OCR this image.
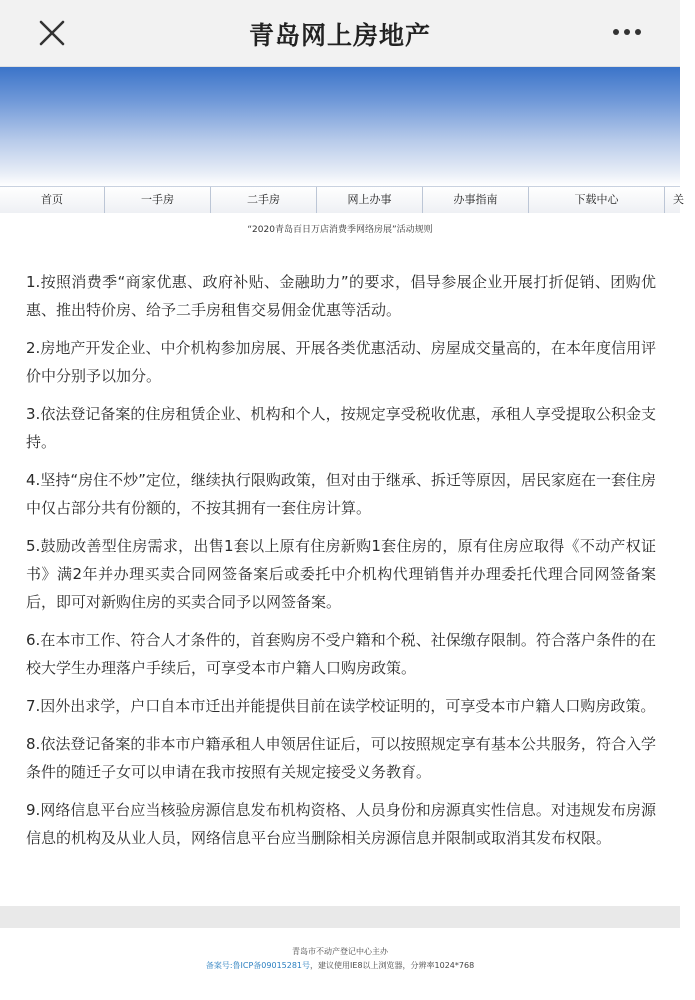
青岛网上房地产
首页	一手房	二手房	网上办事	办事指南	下载中心	关
“2020青岛百日万店消费季网络房展”活动规则

1.按照消费季“商家优惠、政府补贴、金融助力”的要求，倡导参展企业开展打折促销、团购优惠、推出特价房、给予二手房租售交易佣金优惠等活动。

2.房地产开发企业、中介机构参加房展、开展各类优惠活动、房屋成交量高的，在本年度信用评价中分别予以加分。

3.依法登记备案的住房租赁企业、机构和个人，按规定享受税收优惠，承租人享受提取公积金支持。

4.坚持“房住不炒”定位，继续执行限购政策，但对由于继承、拆迁等原因，居民家庭在一套住房中仅占部分共有份额的，不按其拥有一套住房计算。

5.鼓励改善型住房需求，出售1套以上原有住房新购1套住房的，原有住房应取得《不动产权证书》满2年并办理买卖合同网签备案后或委托中介机构代理销售并办理委托代理合同网签备案后，即可对新购住房的买卖合同予以网签备案。

6.在本市工作、符合人才条件的，首套购房不受户籍和个税、社保缴存限制。符合落户条件的在校大学生办理落户手续后，可享受本市户籍人口购房政策。

7.因外出求学，户口自本市迁出并能提供目前在读学校证明的，可享受本市户籍人口购房政策。

8.依法登记备案的非本市户籍承租人申领居住证后，可以按照规定享有基本公共服务，符合入学条件的随迁子女可以申请在我市按照有关规定接受义务教育。

9.网络信息平台应当核验房源信息发布机构资格、人员身份和房源真实性信息。对违规发布房源信息的机构及从业人员，网络信息平台应当删除相关房源信息并限制或取消其发布权限。

青岛市不动产登记中心主办
备案号:鲁ICP备09015281号，建议使用IE8以上浏览器，分辨率1024*768
